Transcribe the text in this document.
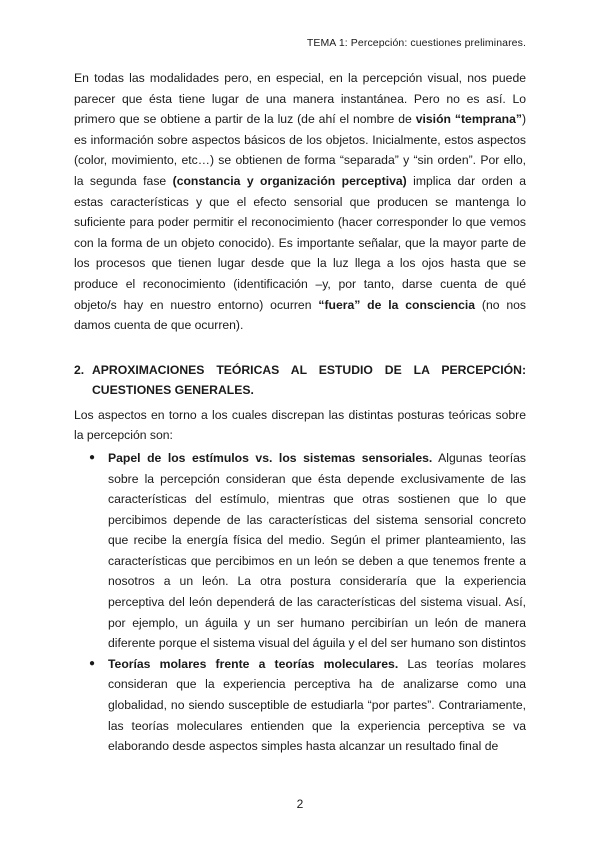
TEMA 1: Percepción: cuestiones preliminares.

En todas las modalidades pero, en especial, en la percepción visual, nos puede parecer que ésta tiene lugar de una manera instantánea. Pero no es así. Lo primero que se obtiene a partir de la luz (de ahí el nombre de visión “temprana”) es información sobre aspectos básicos de los objetos. Inicialmente, estos aspectos (color, movimiento, etc…) se obtienen de forma “separada” y “sin orden”. Por ello, la segunda fase (constancia y organización perceptiva) implica dar orden a estas características y que el efecto sensorial que producen se mantenga lo suficiente para poder permitir el reconocimiento (hacer corresponder lo que vemos con la forma de un objeto conocido). Es importante señalar, que la mayor parte de los procesos que tienen lugar desde que la luz llega a los ojos hasta que se produce el reconocimiento (identificación –y, por tanto, darse cuenta de qué objeto/s hay en nuestro entorno) ocurren “fuera” de la consciencia (no nos damos cuenta de que ocurren).

2. APROXIMACIONES TEÓRICAS AL ESTUDIO DE LA PERCEPCIÓN: CUESTIONES GENERALES.

Los aspectos en torno a los cuales discrepan las distintas posturas teóricas sobre la percepción son:

● Papel de los estímulos vs. los sistemas sensoriales. Algunas teorías sobre la percepción consideran que ésta depende exclusivamente de las características del estímulo, mientras que otras sostienen que lo que percibimos depende de las características del sistema sensorial concreto que recibe la energía física del medio. Según el primer planteamiento, las características que percibimos en un león se deben a que tenemos frente a nosotros a un león. La otra postura consideraría que la experiencia perceptiva del león dependerá de las características del sistema visual. Así, por ejemplo, un águila y un ser humano percibirían un león de manera diferente porque el sistema visual del águila y el del ser humano son distintos

● Teorías molares frente a teorías moleculares. Las teorías molares consideran que la experiencia perceptiva ha de analizarse como una globalidad, no siendo susceptible de estudiarla “por partes”. Contrariamente, las teorías moleculares entienden que la experiencia perceptiva se va elaborando desde aspectos simples hasta alcanzar un resultado final de

2
